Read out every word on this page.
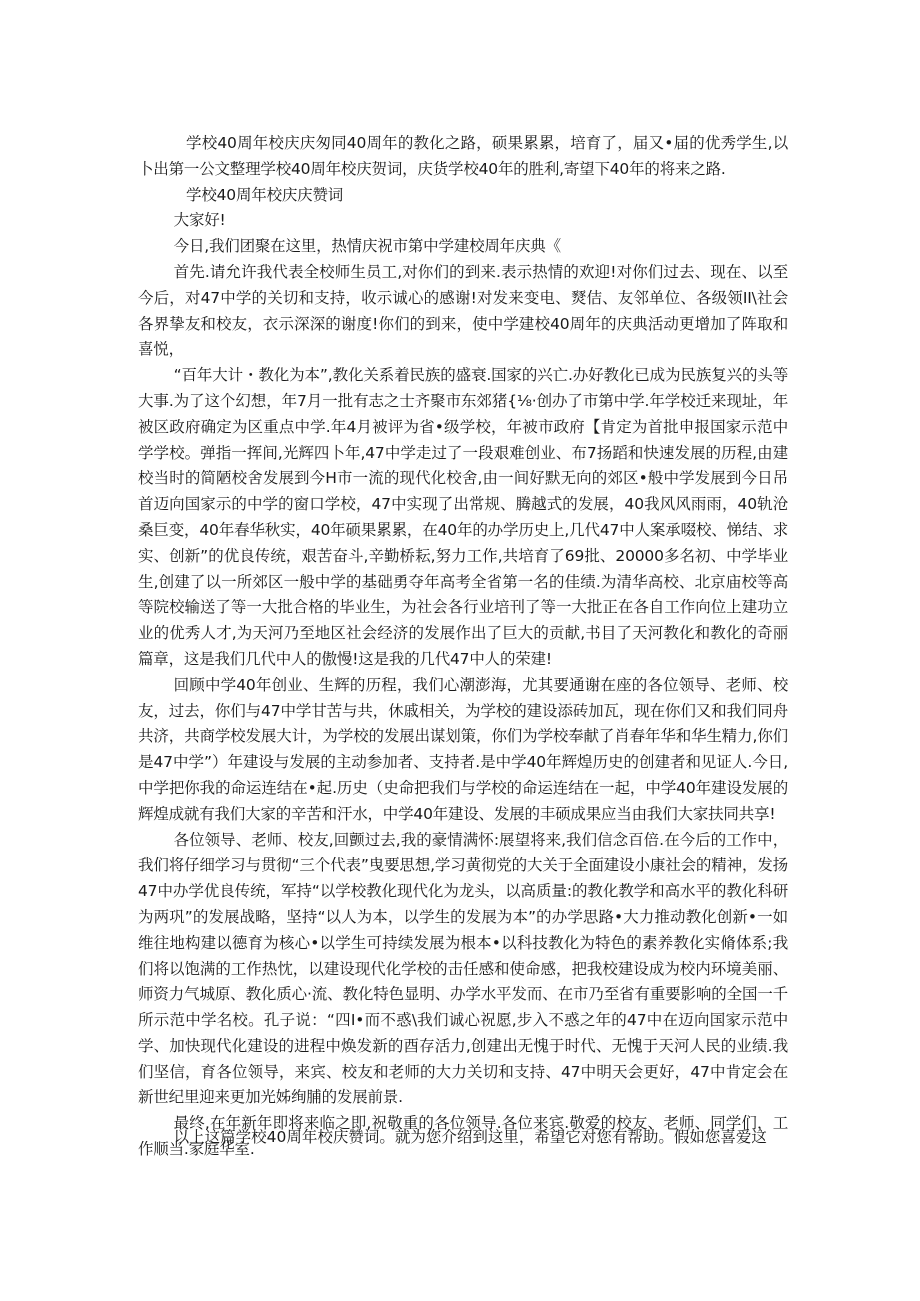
学校40周年校庆庆匆同40周年的教化之路，硕果累累，培育了，届又•届的优秀学生,以卜出第一公文整理学校40周年校庆贺词，庆货学校40年的胜利,寄望下40年的将来之路.

学校40周年校庆庆赞词

大家好!

今日,我们团聚在这里，热情庆祝市第中学建校周年庆典《

首先.请允许我代表全校师生员工,对你们的到来.表示热情的欢迎!对你们过去、现在、以至今后，对47中学的关切和支持，收示诚心的感谢!对发来变电、燹佶、友邻单位、各级领II\社会各界挚友和校友，衣示深深的谢度!你们的到来，使中学建校40周年的庆典活动更增加了阵取和喜悦，

“百年大计・教化为本”,教化关系着民族的盛衰.国家的兴亡.办好教化已成为民族复兴的头等大事.为了这个幻想，年7月一批有志之士齐聚市东郊猪{⅛·创办了市第中学.年学校迁来现址，年被区政府确定为区重点中学.年4月被评为省•级学校，年被市政府【肯定为首批申报国家示范中学学校。弹指一挥间,光辉四卜年,47中学走过了一段艰难创业、布7扬蹈和快速发展的历程,由建校当时的简陋校舍发展到今H市一流的现代化校舍,由一间好默无向的郊区•般中学发展到今日吊首迈向国家示的中学的窗口学校，47中实现了出常规、腾越式的发展，40我风风雨雨，40轨沧桑巨变，40年春华秋实，40年硕果累累，在40年的办学历史上,几代47中人案承啜校、悌结、求实、创新”的优良传统，艰苦奋斗,辛勤桥耘,努力工作,共培育了69批、20000多名初、中学毕业生,创建了以一所郊区一般中学的基础勇夺年高考全省第一名的佳绩.为清华高校、北京庙校等高等院校输送了等一大批合格的毕业生，为社会各行业培刊了等一大批正在各自工作向位上建功立业的优秀人才,为天河乃至地区社会经济的发展作出了巨大的贡献,书目了天河教化和教化的奇丽篇章，这是我们几代中人的傲慢!这是我的几代47中人的荣建!

回顾中学40年创业、生辉的历程，我们心潮澎海，尤其要通谢在座的各位领导、老师、校友，过去，你们与47中学甘苦与共，休戚相关，为学校的建设添砖加瓦，现在你们又和我们同舟共济，共商学校发展大计，为学校的发展出谋划策，你们为学校奉献了肖春年华和华生精力,你们是47中学”）年建设与发展的主动参加者、支持者.是中学40年辉煌历史的创建者和见证人.今日,中学把你我的命运连结在•起.历史（史命把我们与学校的命运连结在一起，中学40年建设发展的辉煌成就有我们大家的辛苦和汗水，中学40年建设、发展的丰硕成果应当由我们大家扶同共享!

各位领导、老师、校友,回颤过去,我的豪情满怀:展望将来,我们信念百倍.在今后的工作中，我们将仔细学习与贯彻“三个代表”曳要思想,学习黄彻党的大关于全面建设小康社会的精神，发扬47中办学优良传统，军持“以学校教化现代化为龙头，以高质量:的教化教学和高水平的教化科研为两巩”的发展战略，坚持“以人为本，以学生的发展为本”的办学思路•大力推动教化创新•一如维往地构建以德育为核心•以学生可持续发展为根本•以科技教化为特色的素养教化实脩体系;我们将以饱满的工作热忱，以建设现代化学校的击任感和使命感，把我校建设成为校内环境美丽、师资力气城原、教化质心·流、教化特色显明、办学水平发而、在市乃至省有重要影响的全国一千所示范中学名校。孔子说：“四I•而不惑\我们诚心祝愿,步入不惑之年的47中在迈向国家示范中学、加快现代化建设的进程中焕发新的酉存活力,创建出无愧于时代、无愧于天河人民的业绩.我们坚信，育各位领导，来宾、校友和老师的大力关切和支持、47中明天会更好，47中肯定会在新世纪里迎来更加光姊绚脯的发展前景.

最终,在年新年即将来临之即,祝敬重的各位领导.各位来宾.敬爱的校友、老师、同学们，工作顺当.家庭华室.

以上这篇学校40周年校庆赞词。就为您介绍到这里，希望它对您有帮助。假如您喜爱这
